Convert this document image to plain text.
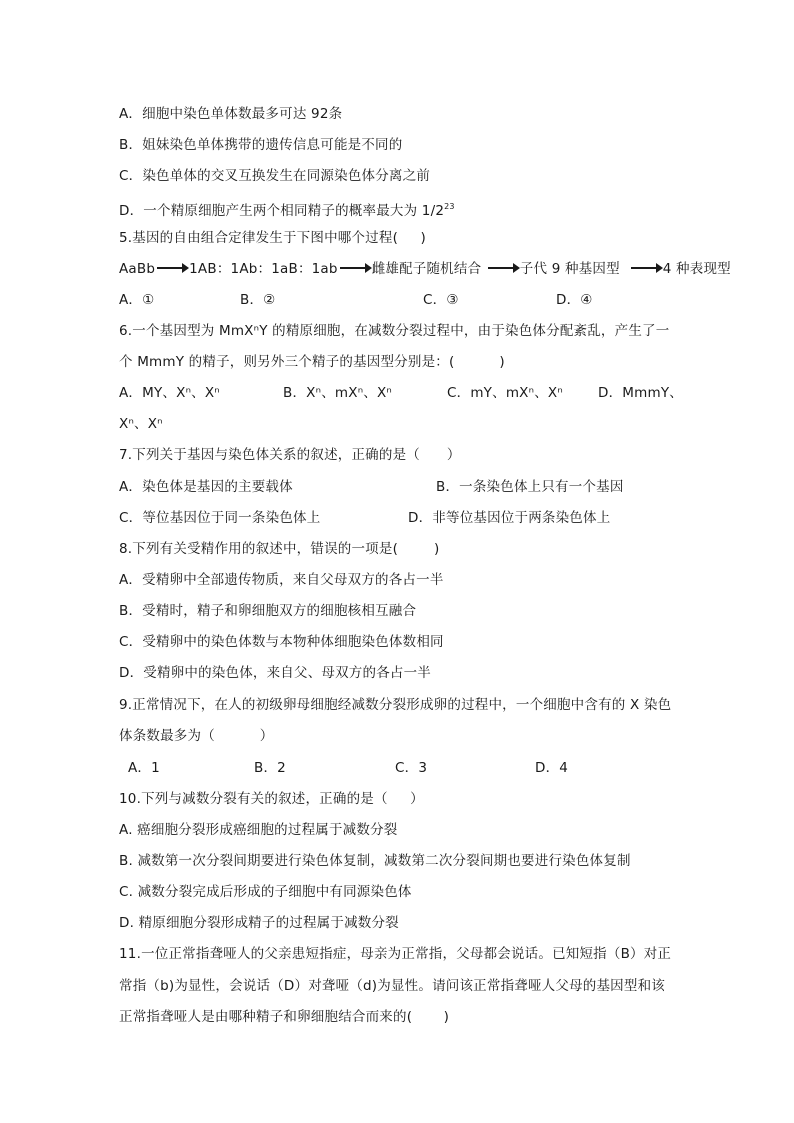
A．细胞中染色单体数最多可达 92条
B．姐妹染色单体携带的遗传信息可能是不同的
C．染色单体的交叉互换发生在同源染色体分离之前
D．一个精原细胞产生两个相同精子的概率最大为 $1/2^{23}$
5.基因的自由组合定律发生于下图中哪个过程(     )
AaBb	1AB：1Ab：1aB：1ab	雌雄配子随机结合	子代 9 种基因型	4 种表现型
A．①	B．②	C．③	D．④
6.一个基因型为 MmXⁿY 的精原细胞，在减数分裂过程中，由于染色体分配紊乱，产生了一
个 MmmY 的精子，则另外三个精子的基因型分别是：(          )
A．MY、Xⁿ、Xⁿ	B．Xⁿ、mXⁿ、Xⁿ	C．mY、mXⁿ、Xⁿ	D．MmmY、
Xⁿ、Xⁿ
7.下列关于基因与染色体关系的叙述，正确的是（      ）
A．染色体是基因的主要载体	B．一条染色体上只有一个基因
C．等位基因位于同一条染色体上	D．非等位基因位于两条染色体上
8.下列有关受精作用的叙述中，错误的一项是(        )
A．受精卵中全部遗传物质，来自父母双方的各占一半
B．受精时，精子和卵细胞双方的细胞核相互融合
C．受精卵中的染色体数与本物种体细胞染色体数相同
D．受精卵中的染色体，来自父、母双方的各占一半
9.正常情况下，在人的初级卵母细胞经减数分裂形成卵的过程中，一个细胞中含有的 X 染色
体条数最多为（          ）
A．1	B．2	C．3	D．4
10.下列与减数分裂有关的叙述，正确的是（     ）
A. 癌细胞分裂形成癌细胞的过程属于减数分裂
B. 减数第一次分裂间期要进行染色体复制，减数第二次分裂间期也要进行染色体复制
C. 减数分裂完成后形成的子细胞中有同源染色体
D. 精原细胞分裂形成精子的过程属于减数分裂
11.一位正常指聋哑人的父亲患短指症，母亲为正常指，父母都会说话。已知短指（B）对正
常指（b)为显性，会说话（D）对聋哑（d)为显性。请问该正常指聋哑人父母的基因型和该
正常指聋哑人是由哪种精子和卵细胞结合而来的(       )
